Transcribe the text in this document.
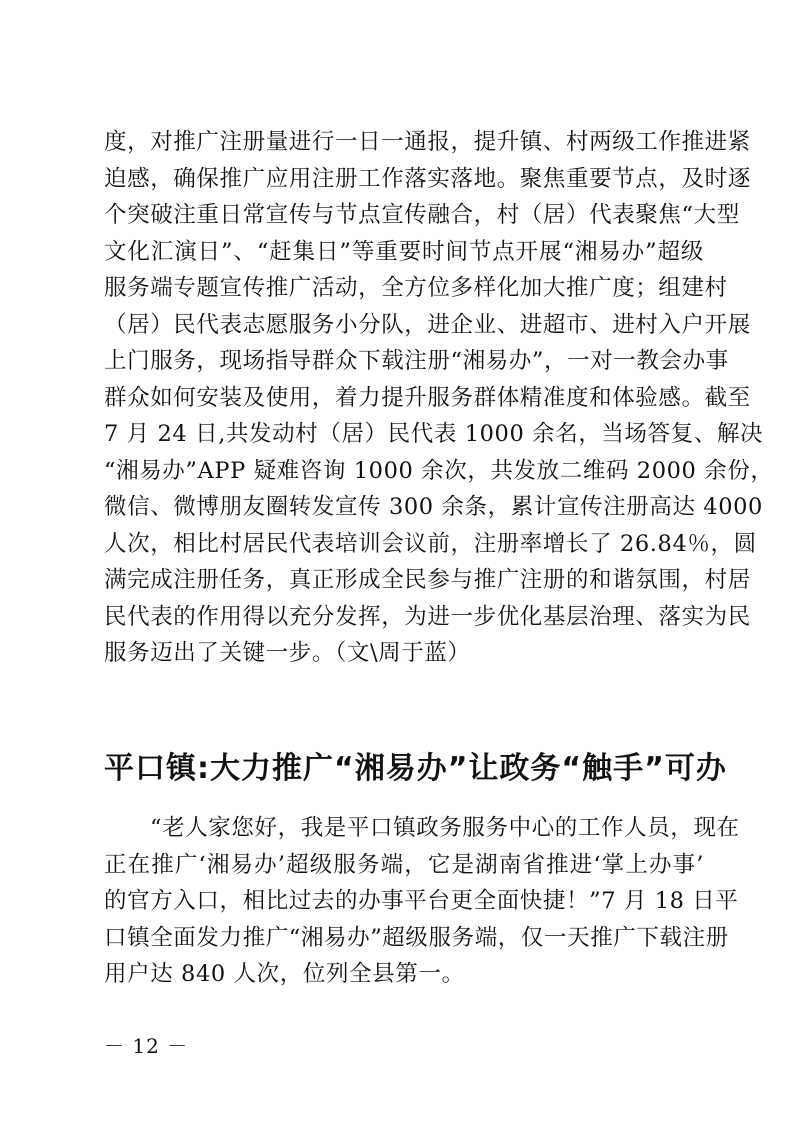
度，对推广注册量进行一日一通报，提升镇、村两级工作推进紧
迫感，确保推广应用注册工作落实落地。聚焦重要节点，及时逐
个突破注重日常宣传与节点宣传融合，村（居）代表聚焦“大型
文化汇演日”、“赶集日”等重要时间节点开展“湘易办”超级
服务端专题宣传推广活动，全方位多样化加大推广度；组建村
（居）民代表志愿服务小分队，进企业、进超市、进村入户开展
上门服务，现场指导群众下载注册“湘易办”，一对一教会办事
群众如何安装及使用，着力提升服务群体精准度和体验感。截至
7 月 24 日,共发动村（居）民代表 1000 余名，当场答复、解决
“湘易办”APP 疑难咨询 1000 余次，共发放二维码 2000 余份，
微信、微博朋友圈转发宣传 300 余条，累计宣传注册高达 4000
人次，相比村居民代表培训会议前，注册率增长了 26.84％，圆
满完成注册任务，真正形成全民参与推广注册的和谐氛围，村居
民代表的作用得以充分发挥，为进一步优化基层治理、落实为民
服务迈出了关键一步。（文\周于蓝）
平口镇:大力推广“湘易办”让政务“触手”可办
“老人家您好，我是平口镇政务服务中心的工作人员，现在
正在推广‘湘易办’超级服务端，它是湖南省推进‘掌上办事’
的官方入口，相比过去的办事平台更全面快捷！”7 月 18 日平
口镇全面发力推广“湘易办”超级服务端，仅一天推广下载注册
用户达 840 人次，位列全县第一。
－ 12 －
